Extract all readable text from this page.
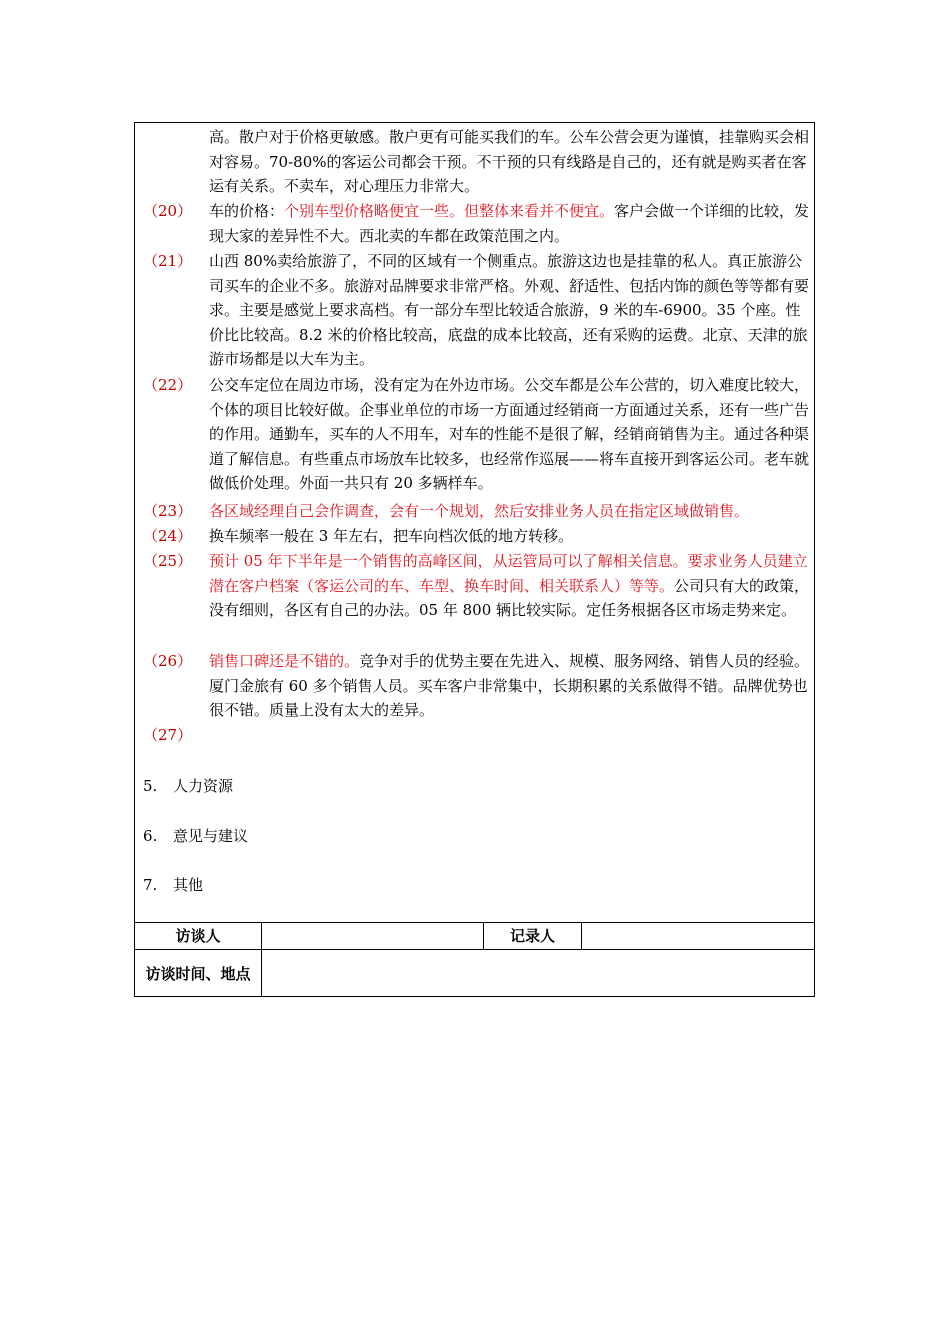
高。散户对于价格更敏感。散户更有可能买我们的车。公车公营会更为谨慎，挂靠购买会相对容易。70-80%的客运公司都会干预。不干预的只有线路是自己的，还有就是购买者在客运有关系。不卖车，对心理压力非常大。
（20）	车的价格：个别车型价格略便宜一些。但整体来看并不便宜。客户会做一个详细的比较，发现大家的差异性不大。西北卖的车都在政策范围之内。
（21）	山西 80%卖给旅游了，不同的区域有一个侧重点。旅游这边也是挂靠的私人。真正旅游公司买车的企业不多。旅游对品牌要求非常严格。外观、舒适性、包括内饰的颜色等等都有要求。主要是感觉上要求高档。有一部分车型比较适合旅游，9 米的车-6900。35 个座。性价比比较高。8.2 米的价格比较高，底盘的成本比较高，还有采购的运费。北京、天津的旅游市场都是以大车为主。
（22）	公交车定位在周边市场，没有定为在外边市场。公交车都是公车公营的，切入难度比较大，个体的项目比较好做。企事业单位的市场一方面通过经销商一方面通过关系，还有一些广告的作用。通勤车，买车的人不用车，对车的性能不是很了解，经销商销售为主。通过各种渠道了解信息。有些重点市场放车比较多，也经常作巡展——将车直接开到客运公司。老车就做低价处理。外面一共只有 20 多辆样车。
（23）	各区域经理自己会作调查，会有一个规划，然后安排业务人员在指定区域做销售。
（24）	换车频率一般在 3 年左右，把车向档次低的地方转移。
（25）	预计 05 年下半年是一个销售的高峰区间，从运管局可以了解相关信息。要求业务人员建立潜在客户档案（客运公司的车、车型、换车时间、相关联系人）等等。公司只有大的政策，没有细则，各区有自己的办法。05 年 800 辆比较实际。定任务根据各区市场走势来定。
（26）	销售口碑还是不错的。竞争对手的优势主要在先进入、规模、服务网络、销售人员的经验。厦门金旅有 60 多个销售人员。买车客户非常集中，长期积累的关系做得不错。品牌优势也很不错。质量上没有太大的差异。
（27）

5. 人力资源
6. 意见与建议
7. 其他
访谈人	记录人
访谈时间、地点
